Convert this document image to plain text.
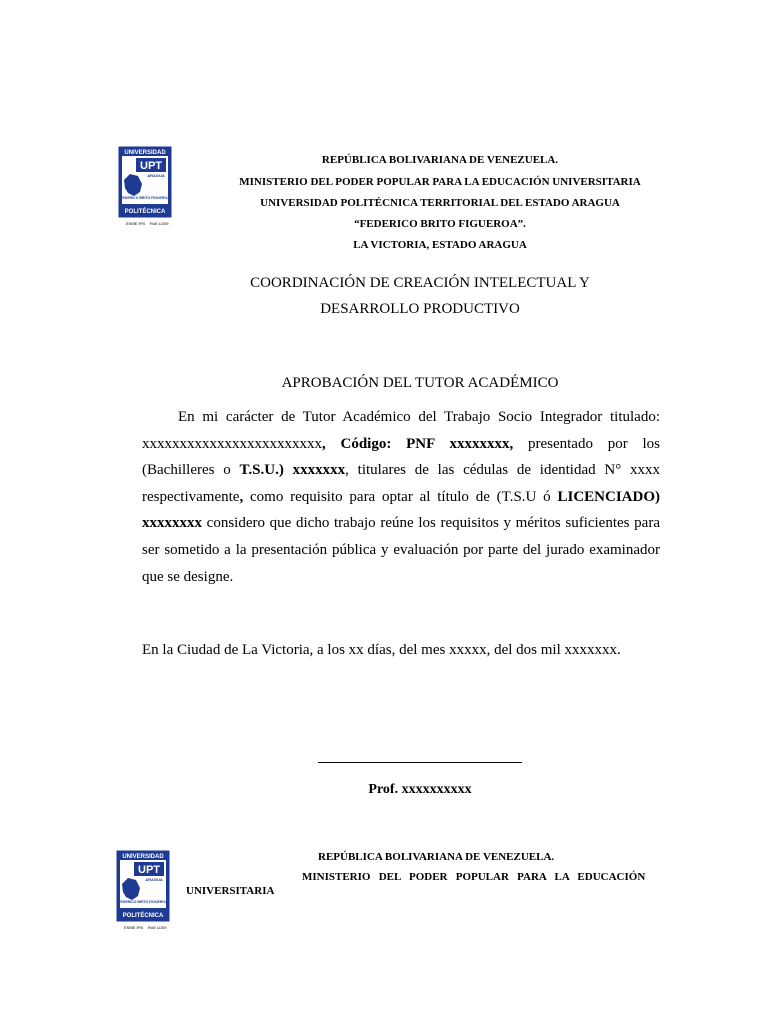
UNIVERSIDAD
UPT
ARAGUA
FEDERICO BRITO FIGUEROA
POLITÉCNICA
ESME IFN RoE LD09
REPÚBLICA BOLIVARIANA DE VENEZUELA.
MINISTERIO DEL PODER POPULAR PARA LA EDUCACIÓN UNIVERSITARIA
UNIVERSIDAD POLITÉCNICA TERRITORIAL DEL ESTADO ARAGUA
“FEDERICO BRITO FIGUEROA”.
LA VICTORIA, ESTADO ARAGUA
COORDINACIÓN DE CREACIÓN INTELECTUAL Y
DESARROLLO PRODUCTIVO
APROBACIÓN DEL TUTOR ACADÉMICO
En mi carácter de Tutor Académico del Trabajo Socio Integrador titulado: xxxxxxxxxxxxxxxxxxxxxxxx, Código: PNF xxxxxxxx, presentado por los (Bachilleres o T.S.U.) xxxxxxx, titulares de las cédulas de identidad N° xxxx respectivamente, como requisito para optar al título de (T.S.U ó LICENCIADO) xxxxxxxx considero que dicho trabajo reúne los requisitos y méritos suficientes para ser sometido a la presentación pública y evaluación por parte del jurado examinador que se designe.
En la Ciudad de La Victoria, a los xx días, del mes xxxxx, del dos mil xxxxxxx.
Prof. xxxxxxxxxx
UNIVERSIDAD
UPT
ARAGUA
FEDERICO BRITO FIGUEROA
POLITÉCNICA
ESME IFN RoE LD09
REPÚBLICA BOLIVARIANA DE VENEZUELA.
MINISTERIO   DEL   PODER   POPULAR   PARA   LA   EDUCACIÓN
UNIVERSITARIA
